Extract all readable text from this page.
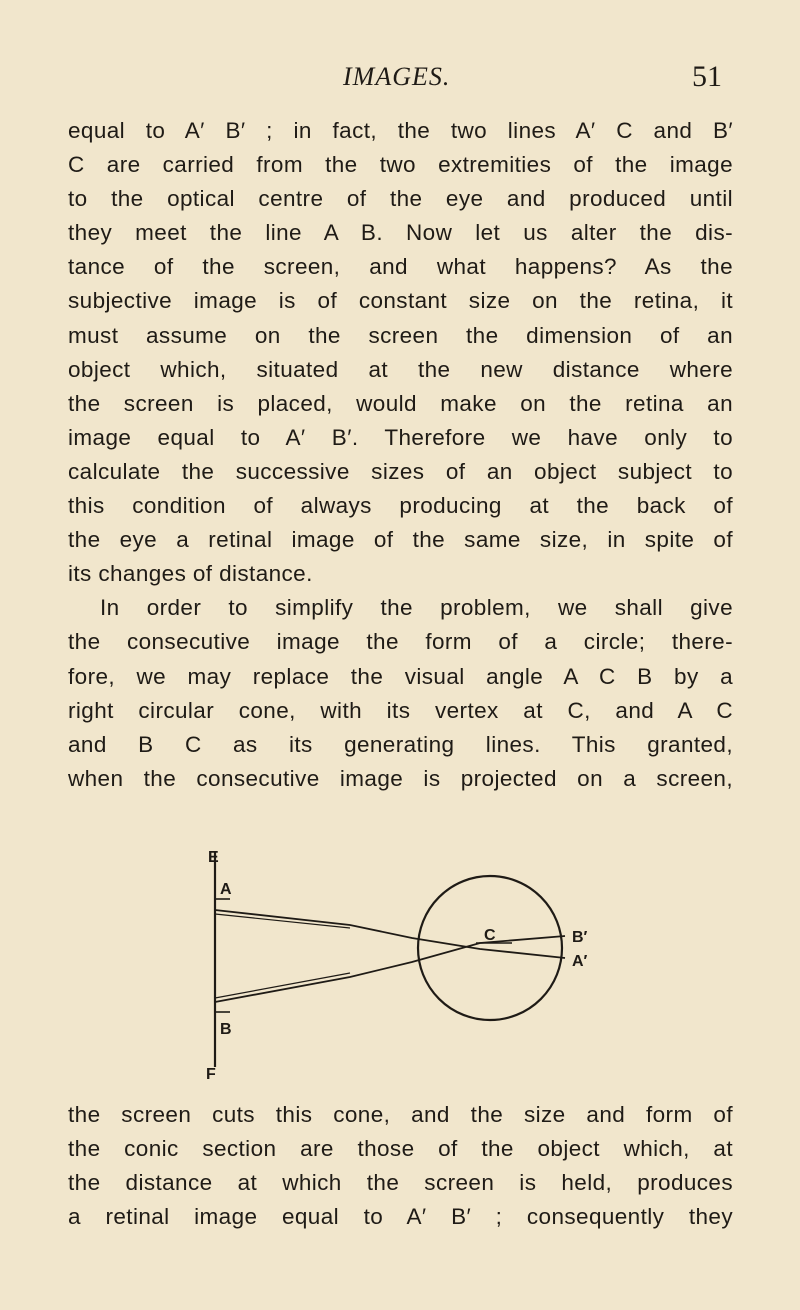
IMAGES.	51
equal to A′ B′ ; in fact, the two lines A′ C and B′
C are carried from the two extremities of the image
to the optical centre of the eye and produced until
they meet the line A B. Now let us alter the dis-
tance of the screen, and what happens? As the
subjective image is of constant size on the retina, it
must assume on the screen the dimension of an
object which, situated at the new distance where
the screen is placed, would make on the retina an
image equal to A′ B′. Therefore we have only to
calculate the successive sizes of an object subject to
this condition of always producing at the back of
the eye a retinal image of the same size, in spite of
its changes of distance.
In order to simplify the problem, we shall give
the consecutive image the form of a circle; there-
fore, we may replace the visual angle A C B by a
right circular cone, with its vertex at C, and A C
and B C as its generating lines. This granted,
when the consecutive image is projected on a screen,
E
A
C	B′
A′
B
F
the screen cuts this cone, and the size and form of
the conic section are those of the object which, at
the distance at which the screen is held, produces
a retinal image equal to A′ B′ ; consequently they
